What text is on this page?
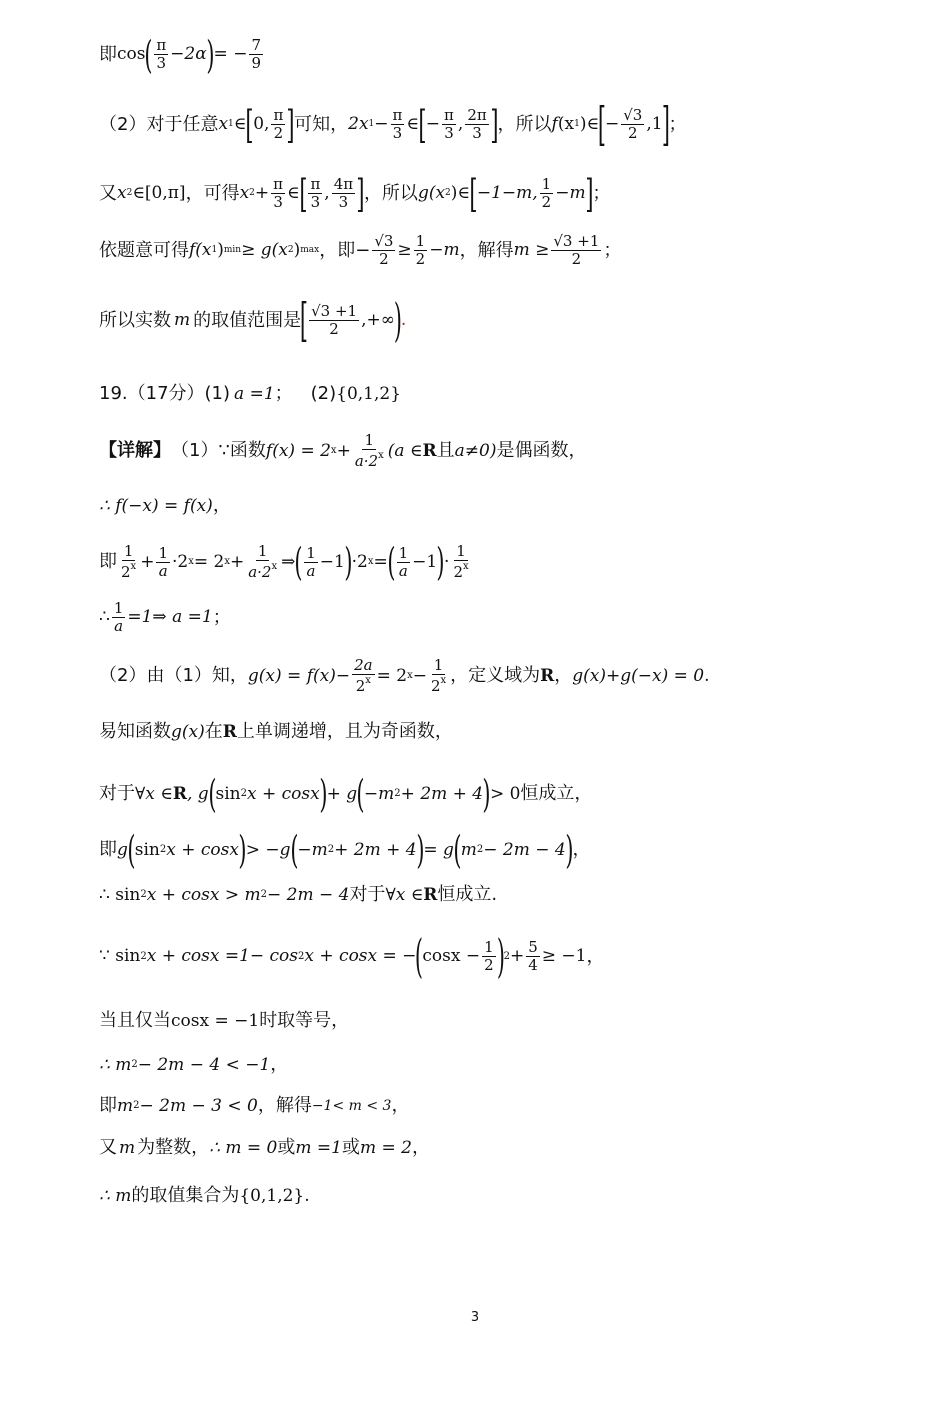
即 cos ( $\frac{\pi}{3} -2\alpha$ ) = − $\frac{7}{9}$
（2）对于任意 x 1 ∈ [ 0, $\frac{\pi}{2}$ ] 可知， 2x $1 - \frac{\pi}{3}$ ∈ [ − $\frac{\pi}{3}$ , $\frac{2\pi}{3}$ ] ，所以 f (x 1 )∈
[
− $\frac{√3}{2} ,1$
]
；
又 x 2 ∈[0,π] ，可得 x $2 + \frac{\pi}{3}$ ∈ [ $\frac{\pi}{3}$ , $\frac{4\pi}{3}$ ] ，所以 g(x 2 )∈ [ −1−m, $\frac{1}{2} -m$ ] ；
依题意可得 f(x 1 ) min ≥ g(x 2 ) max ，即− $\frac{√3}{2} \ge \frac{1}{2} -m$ ，解得 $m \ge \frac{√3 +1}{2}$ ；
所以实数 m 的取值范围是
[ $\frac{√3 +1}{2}$ ,+∞
)
.
19.（17分）(1) a =1 ； (2) {0,1,2}
【详解】 （1）∵函数 f(x) = 2 $x + \frac{1}{a\cdot 2^x} (a$ ∈ R 且 a≠0) 是偶函数，
∴ f(−x) = f(x) ，
即 $\frac{1}{2^x} + \frac{1}{a} \cdot 2$ x = 2 $x + \frac{1}{a\cdot 2^x}$ ⇒ ( $\frac{1}{a} -1$ ) ·2 x = ( $\frac{1}{a} -1$ ) · $\frac{1}{2^x}$
∴ $\frac{1}{a}$ =1⇒ a =1 ；
（2）由（1）知， $g(x) = f(x)- \frac{2a}{2^x} = 2$ $x - \frac{1}{2^x}$ ，定义域为 R ， g(x)+g(−x) = 0 .
易知函数 g(x) 在 R 上单调递增，且为奇函数，
对于 ∀x ∈ R , g ( sin 2 x + cosx ) + g ( −m 2 + 2m + 4 ) > 0 恒成立，
即 g ( sin 2 x + cosx ) > −g ( −m 2 + 2m + 4 ) = g ( m 2 − 2m − 4 ) ，
∴ sin 2 x + cosx > m 2 − 2m − 4 对于 ∀x ∈ R 恒成立.
∵ sin 2 x + cosx =1− cos 2 x + cosx = −
(
$\cos x - \frac{1}{2}$ )
$2 + \frac{5}{4} \ge -1$ ，
当且仅当 cosx = −1 时取等号，
∴ m 2 − 2m − 4 < −1 ，
即 m 2 − 2m − 3 < 0 ，解得 −1< m < 3 ，
又 m 为整数， ∴ m = 0 或 m =1 或 m = 2 ，
∴ m 的取值集合为 {0,1,2} .
3
